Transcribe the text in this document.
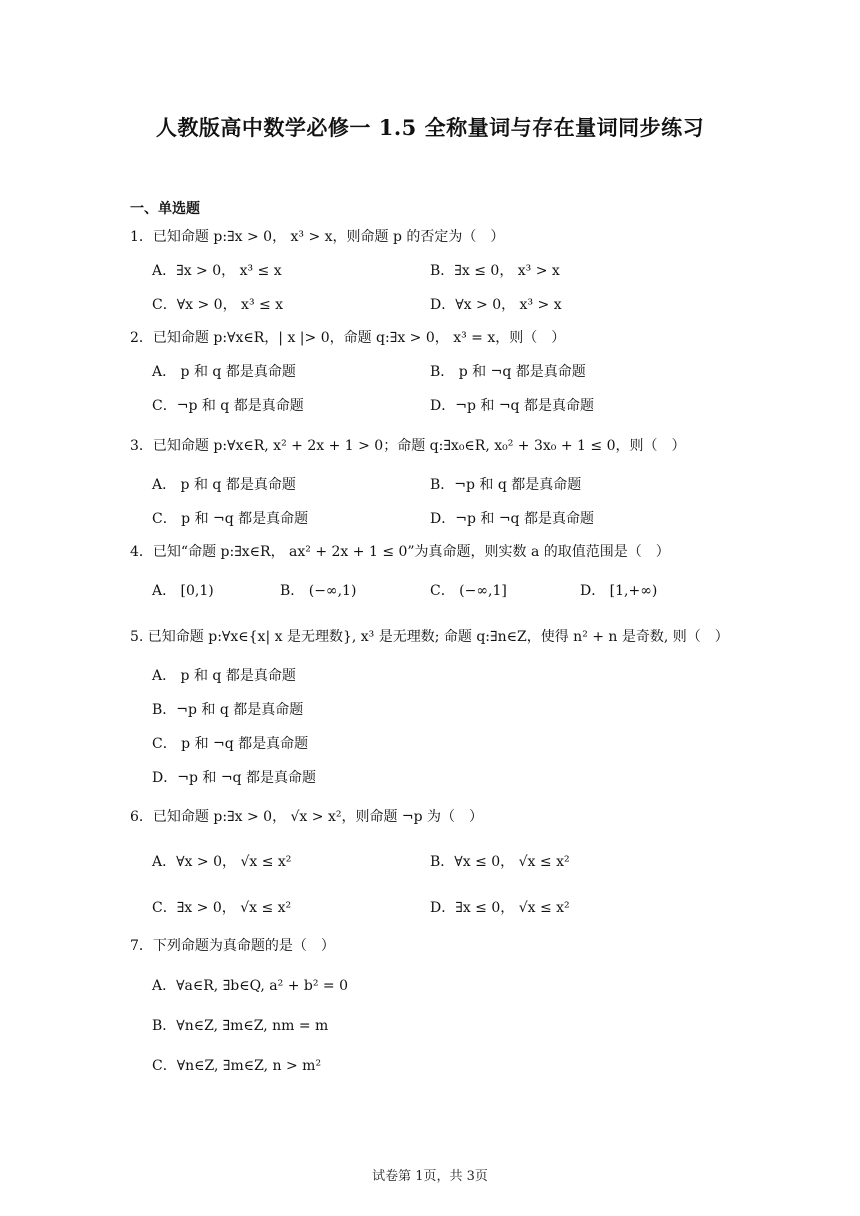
人教版高中数学必修一 1.5 全称量词与存在量词同步练习
一、单选题
1．已知命题 p:∃x > 0， x³ > x，则命题 p 的否定为（　）
A．∃x > 0， x³ ≤ x	B．∃x ≤ 0， x³ > x
C．∀x > 0， x³ ≤ x	D．∀x > 0， x³ > x
2．已知命题 p:∀x∈R，| x |> 0，命题 q:∃x > 0， x³ = x，则（　）
A． p 和 q 都是真命题	B． p 和 ¬q 都是真命题
C．¬p 和 q 都是真命题	D．¬p 和 ¬q 都是真命题
3．已知命题 p:∀x∈R, x² + 2x + 1 > 0；命题 q:∃x₀∈R, x₀² + 3x₀ + 1 ≤ 0，则（　）
A． p 和 q 都是真命题	B．¬p 和 q 都是真命题
C． p 和 ¬q 都是真命题	D．¬p 和 ¬q 都是真命题
4．已知“命题 p:∃x∈R， ax² + 2x + 1 ≤ 0”为真命题，则实数 a 的取值范围是（　）
A． [0,1)	B． (−∞,1)	C． (−∞,1]	D． [1,+∞)
5. 已知命题 p:∀x∈{x| x 是无理数}, x³ 是无理数; 命题 q:∃n∈Z，使得 n² + n 是奇数, 则（　）
A． p 和 q 都是真命题
B．¬p 和 q 都是真命题
C． p 和 ¬q 都是真命题
D．¬p 和 ¬q 都是真命题
6．已知命题 p:∃x > 0， √x > x²，则命题 ¬p 为（　）
A．∀x > 0， √x ≤ x²	B．∀x ≤ 0， √x ≤ x²
C．∃x > 0， √x ≤ x²	D．∃x ≤ 0， √x ≤ x²
7．下列命题为真命题的是（　）
A．∀a∈R, ∃b∈Q, a² + b² = 0
B．∀n∈Z, ∃m∈Z, nm = m
C．∀n∈Z, ∃m∈Z, n > m²
试卷第 1页，共 3页
